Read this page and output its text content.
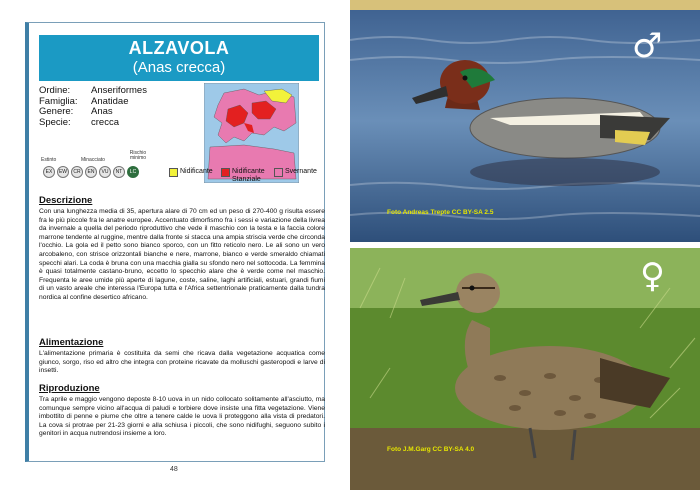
ALZAVOLA
(Anas crecca)
Ordine:	Anseriformes
Famiglia:	Anatidae
Genere:	Anas
Specie:	crecca
Estinto	Minacciato
Rischio minimo
EX	EW	CR	EN	VU	NT	LC	Nidificante	Nidificante Stanziale
Svernante
Descrizione
Con una lunghezza media di 35, apertura alare di 70 cm ed un peso di 270-400 g risulta essere fra le più piccole fra le anatre europee. Accentuato dimorfismo fra i sessi e variazione della livrea da invernale a quella del periodo riproduttivo che vede il maschio con la testa e la faccia colore marrone tendente al ruggine, mentre dalla fronte si stacca una ampia striscia verde che circonda l'occhio. La gola ed il petto sono bianco sporco, con un fitto reticolo nero. Le ali sono un vero arcobaleno, con strisce orizzontali bianche e nere, marrone, bianco e verde smeraldo chiamati specchi alari. La coda è bruna con una macchia gialla su sfondo nero nel sottocoda. La femmina è quasi totalmente castano-bruno, eccetto lo specchio alare che è verde come nel maschio. Frequenta le aree umide più aperte di lagune, coste, saline, laghi artificiali, estuari, grandi fiumi di un vasto areale che interessa l'Europa tutta e l'Africa settentrionale praticamente dalla tundra nordica al confine desertico africano.
Alimentazione
L'alimentazione primaria è costituita da semi che ricava dalla vegetazione acquatica come giunco, sorgo, riso ed altro che integra con proteine ricavate da molluschi gasteropodi e larve di insetti.
Riproduzione
Tra aprile e maggio vengono deposte 8-10 uova in un nido collocato solitamente all'asciutto, ma comunque sempre vicino all'acqua di paludi e torbiere dove insiste una fitta vegetazione. Viene imbottito di penne e piume che oltre a tenere calde le uova li proteggono alla vista di predatori. La cova si protrae per 21-23 giorni e alla schiusa i piccoli, che sono nidifughi, seguono subito i genitori in acqua nutrendosi insieme a loro.
48
♂
Foto Andreas Trepte CC BY-SA 2.5
♀
Foto J.M.Garg CC BY-SA 4.0
